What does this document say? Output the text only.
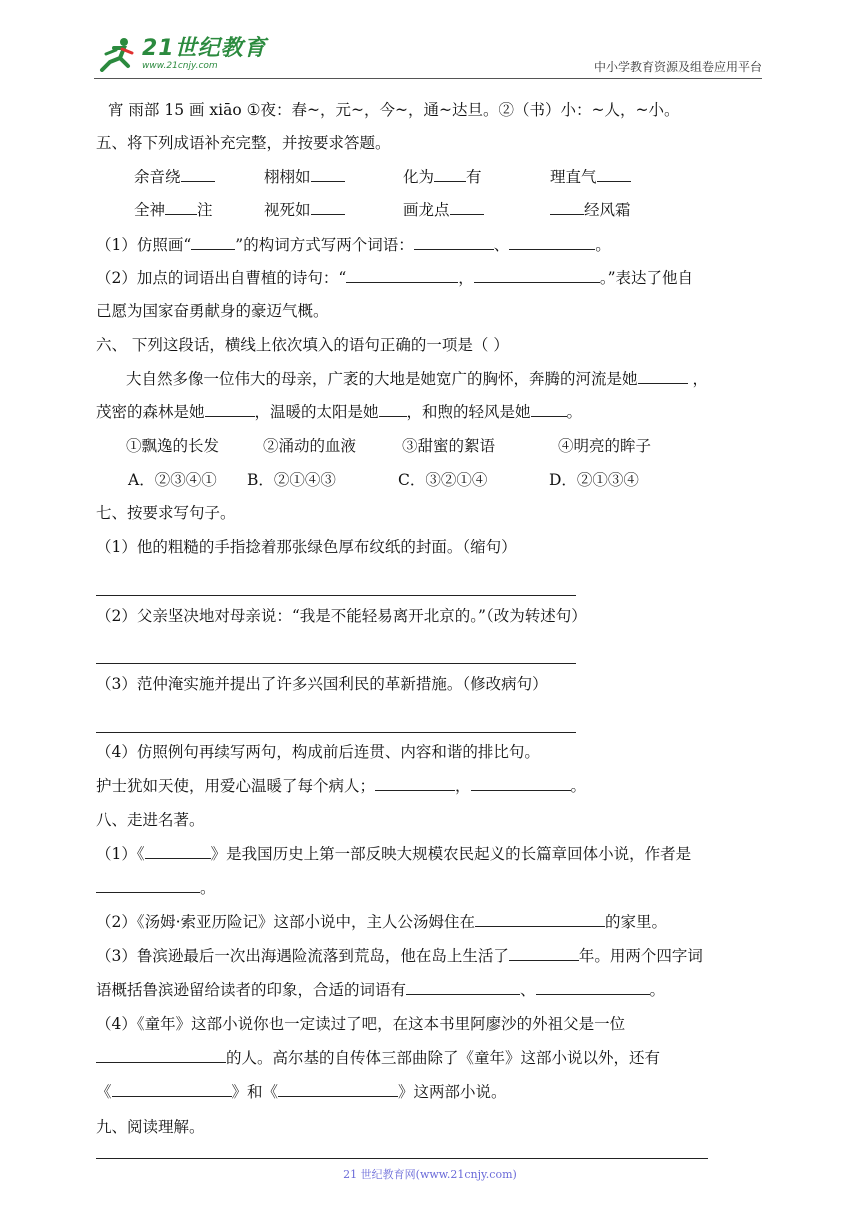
21世纪教育
www.21cnjy.com	中小学教育资源及组卷应用平台
宵 雨部 15 画 xiāo ①夜：春~，元~，今~，通~达旦。②（书）小：~人，~小。
五、将下列成语补充完整，并按要求答题。
余音绕	栩栩如	化为 有	理直气
全神 注	视死如	画龙点	经风霜
（1）仿照画“	”的构词方式写两个词语：	、	。
（2）加点的词语出自曹植的诗句：“	，	。”表达了他自
己愿为国家奋勇献身的豪迈气概。
六、 下列这段话，横线上依次填入的语句正确的一项是（ ）
大自然多像一位伟大的母亲，广袤的大地是她宽广的胸怀，奔腾的河流是她	，
茂密的森林是她	，温暖的太阳是她 ，和煦的轻风是她 。
①飘逸的长发	②涌动的血液	③甜蜜的絮语	④明亮的眸子
A．②③④① B．②①④③	C．③②①④	D．②①③④
七、按要求写句子。
（1）他的粗糙的手指捻着那张绿色厚布纹纸的封面。（缩句）
（2）父亲坚决地对母亲说：“我是不能轻易离开北京的。”（改为转述句）
（3）范仲淹实施并提出了许多兴国利民的革新措施。（修改病句）
（4）仿照例句再续写两句，构成前后连贯、内容和谐的排比句。
护士犹如天使，用爱心温暖了每个病人；	，	。
八、走进名著。
（1）《	》是我国历史上第一部反映大规模农民起义的长篇章回体小说，作者是
。
（2）《汤姆·索亚历险记》这部小说中，主人公汤姆住在	的家里。
（3）鲁滨逊最后一次出海遇险流落到荒岛，他在岛上生活了	年。用两个四字词
语概括鲁滨逊留给读者的印象，合适的词语有	、	。
（4）《童年》这部小说你也一定读过了吧，在这本书里阿廖沙的外祖父是一位
的人。高尔基的自传体三部曲除了《童年》这部小说以外，还有
《	》和《	》这两部小说。
九、阅读理解。
21 世纪教育网(www.21cnjy.com)
